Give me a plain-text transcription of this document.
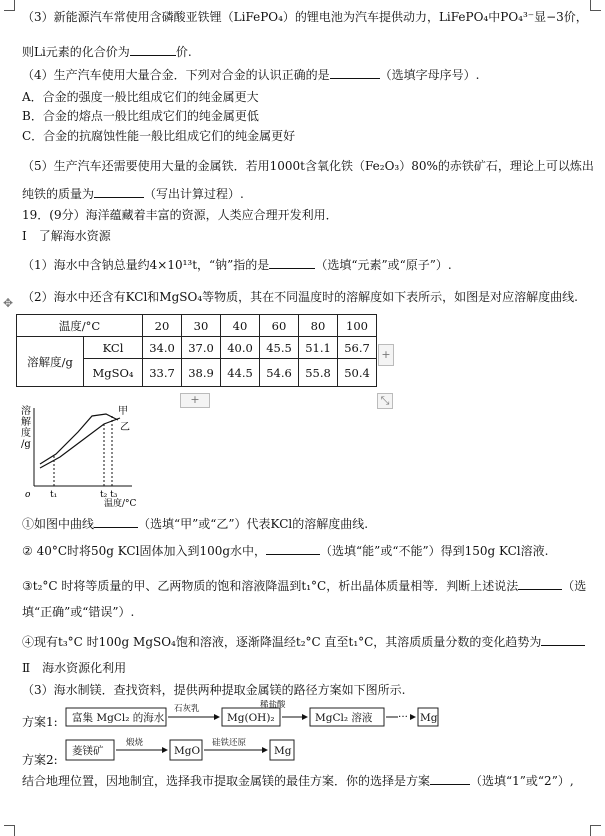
（3）新能源汽车常使用含磷酸亚铁锂（LiFePO₄）的锂电池为汽车提供动力，LiFePO₄中PO₄³⁻显−3价，
则Li元素的化合价为	价.
（4）生产汽车使用大量合金．下列对合金的认识正确的是	（选填字母序号）.
A．合金的强度一般比组成它们的纯金属更大
B．合金的熔点一般比组成它们的纯金属更低
C．合金的抗腐蚀性能一般比组成它们的纯金属更好
（5）生产汽车还需要使用大量的金属铁．若用1000t含氧化铁（Fe₂O₃）80%的赤铁矿石，理论上可以炼出
纯铁的质量为	（写出计算过程）.
19．(9分）海洋蕴藏着丰富的资源，人类应合理开发利用．
Ⅰ　了解海水资源
（1）海水中含钠总量约4×10¹³t，“钠”指的是	（选填“元素”或“原子”）.
（2）海水中还含有KCl和MgSO₄等物质，其在不同温度时的溶解度如下表所示，如图是对应溶解度曲线.
✥
温度/°C		20	30	40	60	80	100
溶解度/g	KCl	34.0	37.0	40.0	45.5	51.1	56.7
	MgSO₄	33.7	38.9	44.5	54.6	55.8	50.4
+
+	⤡
溶
解
度
/g
o t₁	t₂ t₃
温度/°C
甲
乙
①如图中曲线	（选填“甲”或“乙”）代表KCl的溶解度曲线.
② 40°C时将50g KCl固体加入到100g水中，	（选填“能”或“不能”）得到150g KCl溶液.
③t₂°C 时将等质量的甲、乙两物质的饱和溶液降温到t₁°C，析出晶体质量相等．判断上述说法	（选
填“正确”或“错误”）.
④现有t₃°C 时100g MgSO₄饱和溶液，逐渐降温经t₂°C 直至t₁°C，其溶质质量分数的变化趋势为
Ⅱ　海水资源化利用
（3）海水制镁．查找资料，提供两种提取金属镁的路径方案如下图所示.
方案1: 富集 MgCl₂ 的海水
石灰乳
Mg(OH)₂
稀盐酸
MgCl₂ 溶液 ··· Mg
方案2:
菱镁矿
煅烧
MgO
硅铁还原
Mg
结合地理位置，因地制宜，选择我市提取金属镁的最佳方案．你的选择是方案	（选填“1”或“2”）,
